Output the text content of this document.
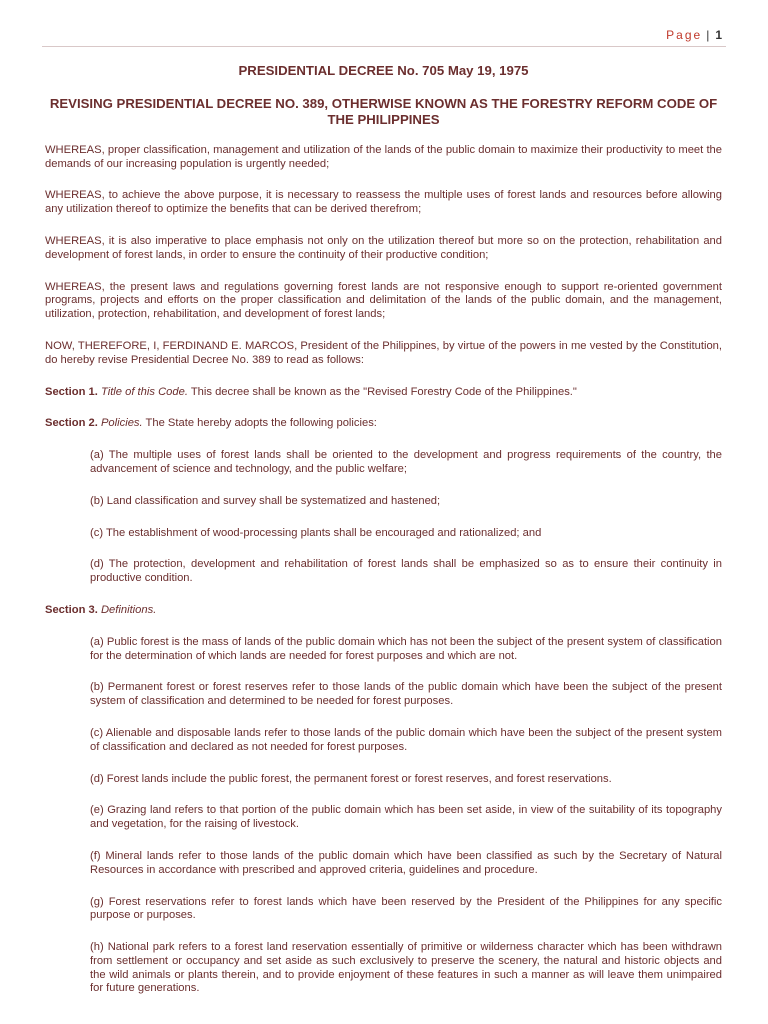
Page | 1
PRESIDENTIAL DECREE No. 705 May 19, 1975
REVISING PRESIDENTIAL DECREE NO. 389, OTHERWISE KNOWN AS THE FORESTRY REFORM CODE OF THE PHILIPPINES

WHEREAS, proper classification, management and utilization of the lands of the public domain to maximize their productivity to meet the demands of our increasing population is urgently needed;

WHEREAS, to achieve the above purpose, it is necessary to reassess the multiple uses of forest lands and resources before allowing any utilization thereof to optimize the benefits that can be derived therefrom;

WHEREAS, it is also imperative to place emphasis not only on the utilization thereof but more so on the protection, rehabilitation and development of forest lands, in order to ensure the continuity of their productive condition;

WHEREAS, the present laws and regulations governing forest lands are not responsive enough to support re-oriented government programs, projects and efforts on the proper classification and delimitation of the lands of the public domain, and the management, utilization, protection, rehabilitation, and development of forest lands;

NOW, THEREFORE, I, FERDINAND E. MARCOS, President of the Philippines, by virtue of the powers in me vested by the Constitution, do hereby revise Presidential Decree No. 389 to read as follows:

Section 1. Title of this Code. This decree shall be known as the "Revised Forestry Code of the Philippines."

Section 2. Policies. The State hereby adopts the following policies:

(a) The multiple uses of forest lands shall be oriented to the development and progress requirements of the country, the advancement of science and technology, and the public welfare;

(b) Land classification and survey shall be systematized and hastened;

(c) The establishment of wood-processing plants shall be encouraged and rationalized; and

(d) The protection, development and rehabilitation of forest lands shall be emphasized so as to ensure their continuity in productive condition.

Section 3. Definitions.

(a) Public forest is the mass of lands of the public domain which has not been the subject of the present system of classification for the determination of which lands are needed for forest purposes and which are not.

(b) Permanent forest or forest reserves refer to those lands of the public domain which have been the subject of the present system of classification and determined to be needed for forest purposes.

(c) Alienable and disposable lands refer to those lands of the public domain which have been the subject of the present system of classification and declared as not needed for forest purposes.

(d) Forest lands include the public forest, the permanent forest or forest reserves, and forest reservations.

(e) Grazing land refers to that portion of the public domain which has been set aside, in view of the suitability of its topography and vegetation, for the raising of livestock.

(f) Mineral lands refer to those lands of the public domain which have been classified as such by the Secretary of Natural Resources in accordance with prescribed and approved criteria, guidelines and procedure.

(g) Forest reservations refer to forest lands which have been reserved by the President of the Philippines for any specific purpose or purposes.

(h) National park refers to a forest land reservation essentially of primitive or wilderness character which has been withdrawn from settlement or occupancy and set aside as such exclusively to preserve the scenery, the natural and historic objects and the wild animals or plants therein, and to provide enjoyment of these features in such a manner as will leave them unimpaired for future generations.
